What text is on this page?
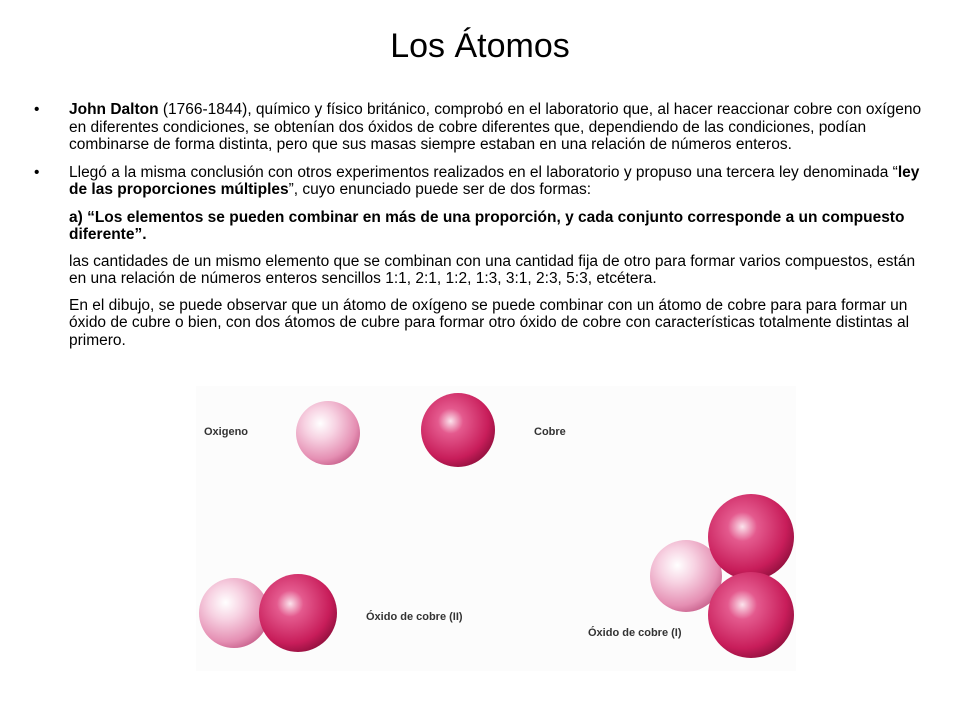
Los Átomos
•	John Dalton (1766-1844), químico y físico británico, comprobó en el laboratorio que, al hacer reaccionar cobre con oxígeno en diferentes condiciones, se obtenían dos óxidos de cobre diferentes que, dependiendo de las condiciones, podían combinarse de forma distinta, pero que sus masas siempre estaban en una relación de números enteros.
•	Llegó a la misma conclusión con otros experimentos realizados en el laboratorio y propuso una tercera ley denominada “ley de las proporciones múltiples”, cuyo enunciado puede ser de dos formas:
a) “Los elementos se pueden combinar en más de una proporción, y cada conjunto corresponde a un compuesto diferente”.
las cantidades de un mismo elemento que se combinan con una cantidad fija de otro para formar varios compuestos, están en una relación de números enteros sencillos 1:1, 2:1, 1:2, 1:3, 3:1, 2:3, 5:3, etcétera.
En el dibujo, se puede observar que un átomo de oxígeno se puede combinar con un átomo de cobre para para formar un óxido de cubre o bien, con dos átomos de cubre para formar otro óxido de cobre con características totalmente distintas al primero.
Oxigeno	Cobre
Óxido de cobre (II)
Óxido de cobre (I)
